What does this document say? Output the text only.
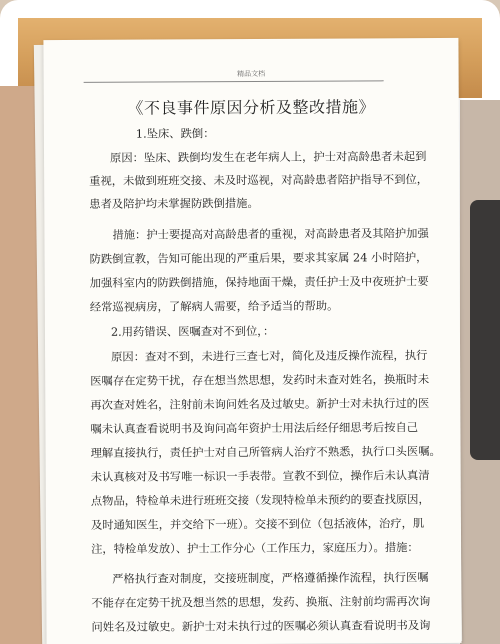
精品文档
《不良事件原因分析及整改措施》
1.坠床、跌倒：
原因：坠床、跌倒均发生在老年病人上，护士对高龄患者未起到
重视，未做到班班交接、未及时巡视，对高龄患者陪护指导不到位，
患者及陪护均未掌握防跌倒措施。
措施：护士要提高对高龄患者的重视，对高龄患者及其陪护加强
防跌倒宣教，告知可能出现的严重后果，要求其家属 24 小时陪护，
加强科室内的防跌倒措施，保持地面干燥，责任护士及中夜班护士要
经常巡视病房，了解病人需要，给予适当的帮助。
2.用药错误、医嘱查对不到位，：
原因：查对不到，未进行三查七对，简化及违反操作流程，执行
医嘱存在定势干扰，存在想当然思想，发药时未查对姓名，换瓶时未
再次查对姓名，注射前未询问姓名及过敏史。新护士对未执行过的医
嘱未认真查看说明书及询问高年资护士用法后经仔细思考后按自己
理解直接执行，责任护士对自己所管病人治疗不熟悉，执行口头医嘱。
未认真核对及书写唯一标识一手表带。宣教不到位，操作后未认真清
点物品，特检单未进行班班交接（发现特检单未预约的要查找原因，
及时通知医生，并交给下一班）。交接不到位（包括液体，治疗，肌
注，特检单发放）、护士工作分心（工作压力，家庭压力）。措施：
严格执行查对制度，交接班制度，严格遵循操作流程，执行医嘱
不能存在定势干扰及想当然的思想，发药、换瓶、注射前均需再次询
问姓名及过敏史。新护士对未执行过的医嘱必须认真查看说明书及询
